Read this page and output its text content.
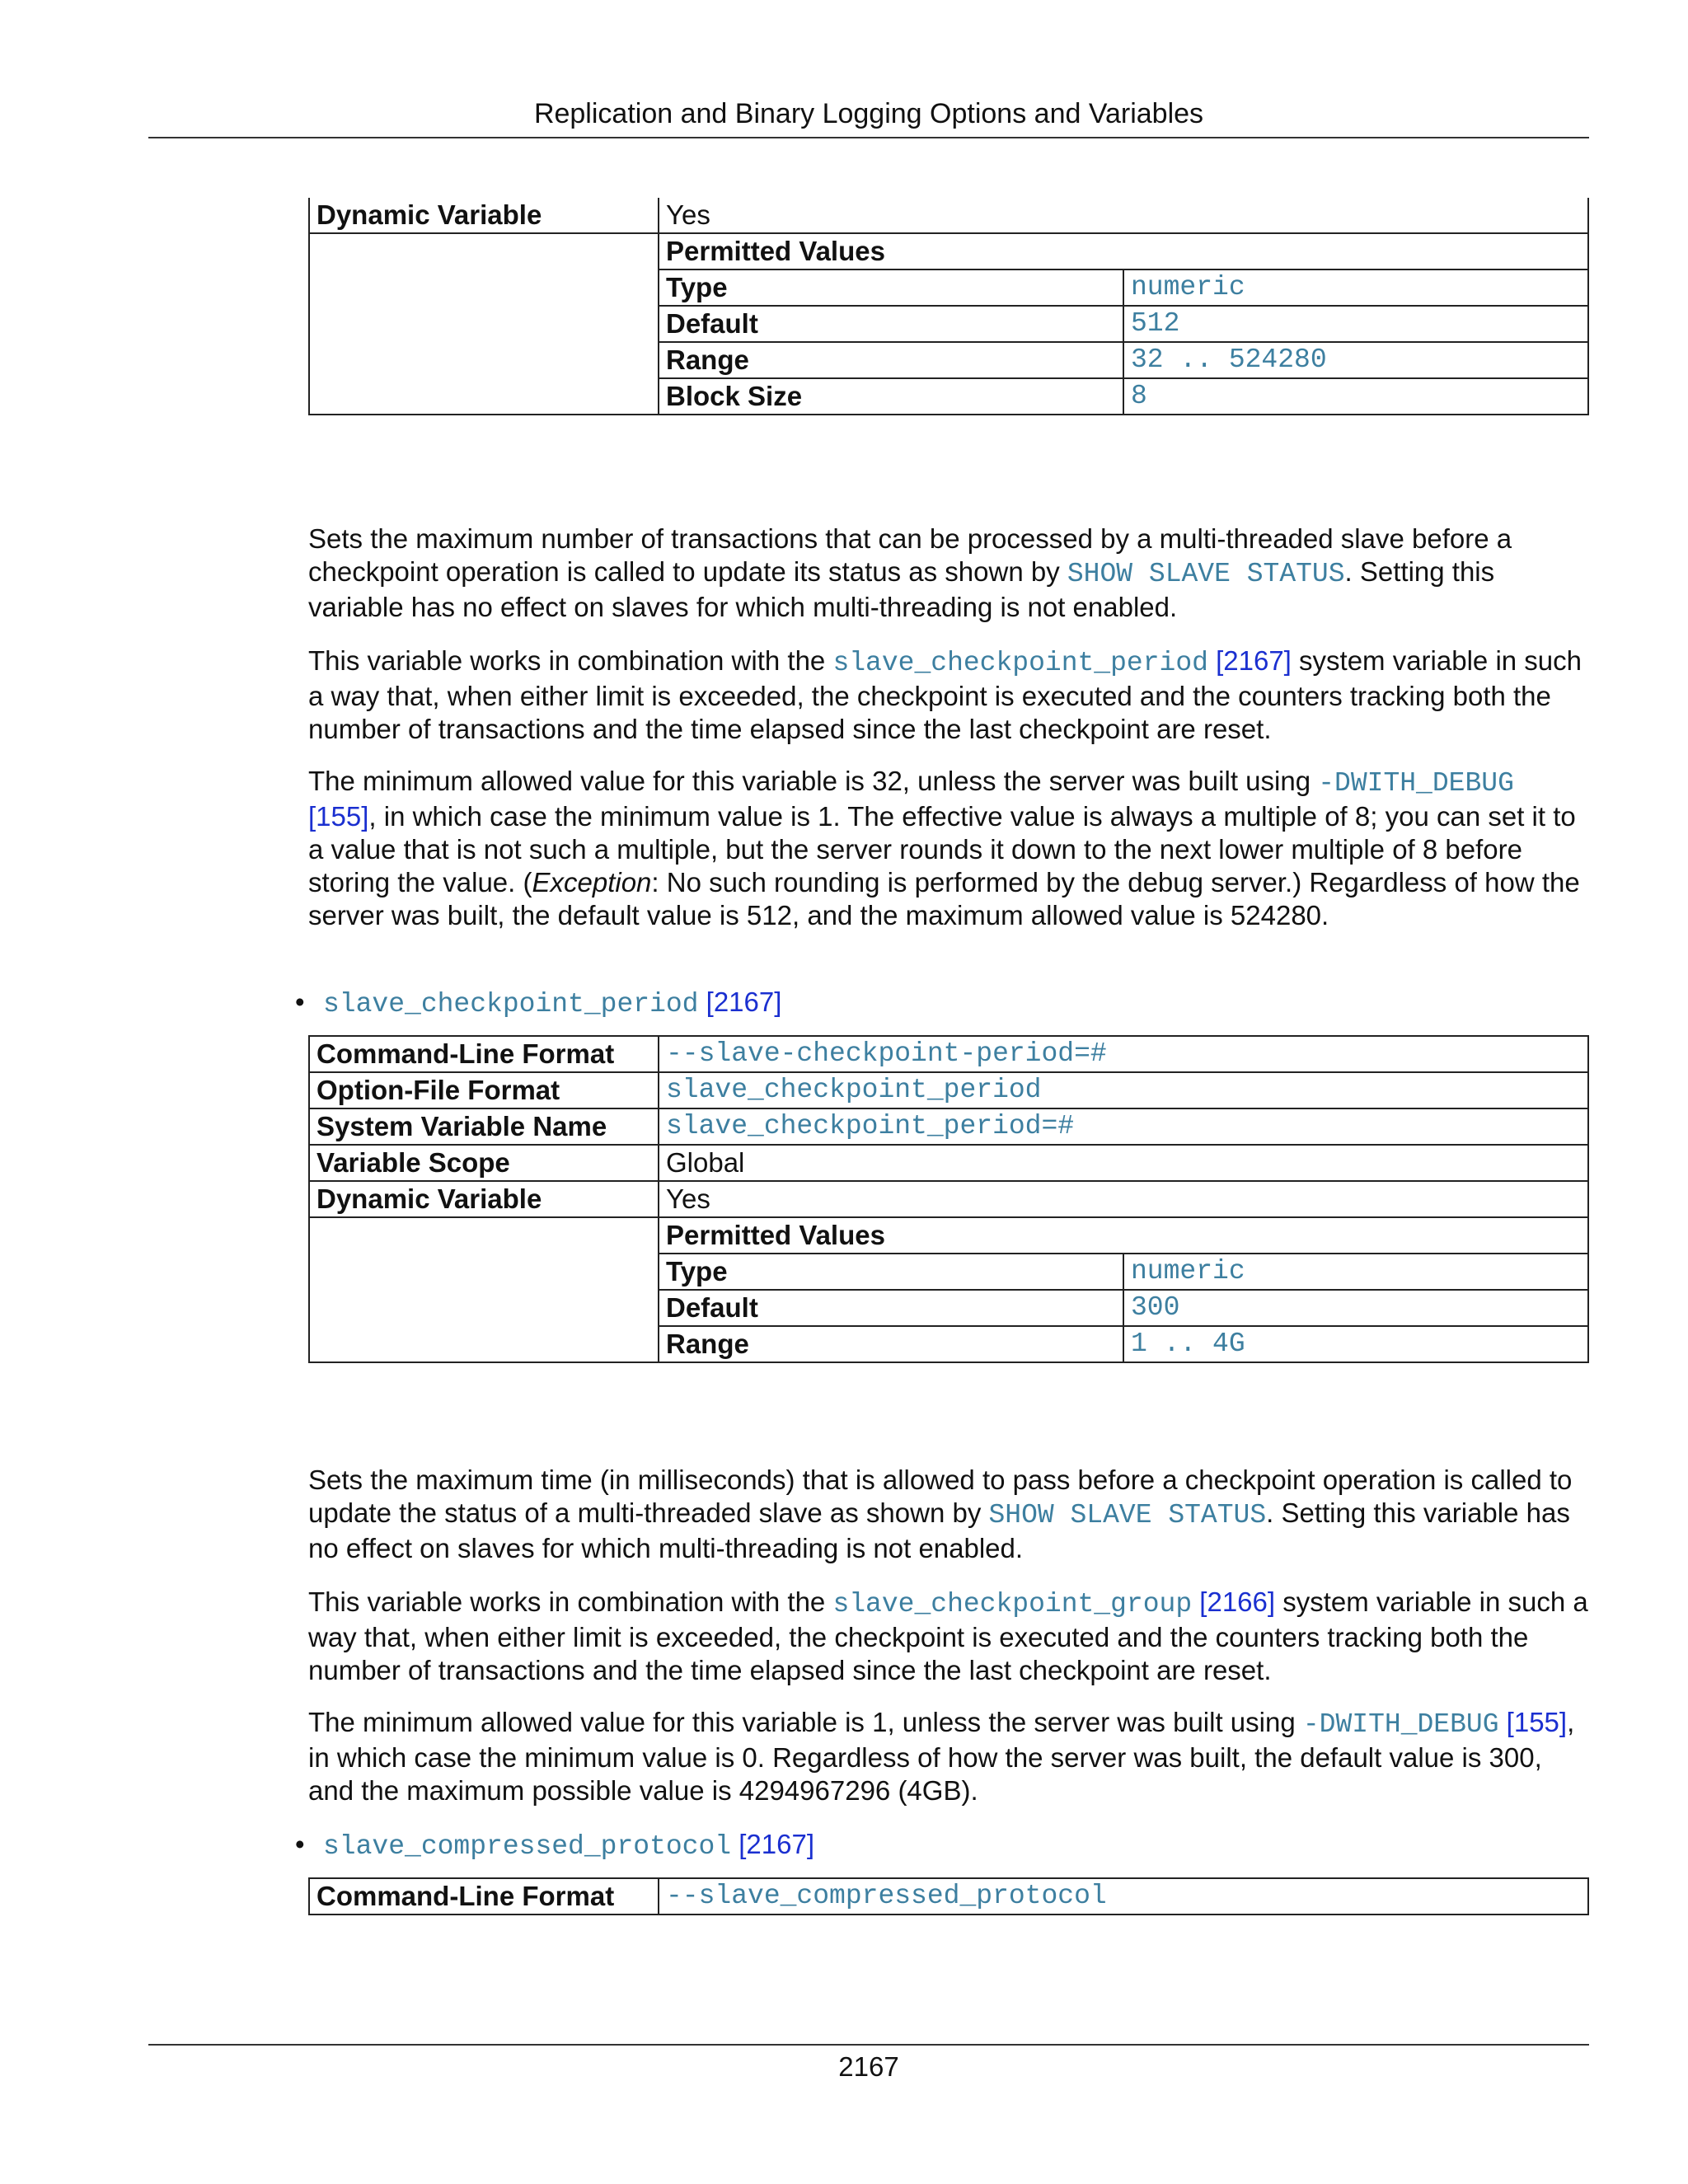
Replication and Binary Logging Options and Variables
Dynamic Variable	Yes

Permitted Values
Type	numeric
Default	512
Range	32 .. 524280
Block Size	8

Sets the maximum number of transactions that can be processed by a multi-threaded slave before a checkpoint operation is called to update its status as shown by SHOW SLAVE STATUS. Setting this variable has no effect on slaves for which multi-threading is not enabled.

This variable works in combination with the slave_checkpoint_period [2167] system variable in such a way that, when either limit is exceeded, the checkpoint is executed and the counters tracking both the number of transactions and the time elapsed since the last checkpoint are reset.

The minimum allowed value for this variable is 32, unless the server was built using -DWITH_DEBUG [155], in which case the minimum value is 1. The effective value is always a multiple of 8; you can set it to a value that is not such a multiple, but the server rounds it down to the next lower multiple of 8 before storing the value. (Exception: No such rounding is performed by the debug server.) Regardless of how the server was built, the default value is 512, and the maximum allowed value is 524280.

• slave_checkpoint_period [2167]
Command-Line Format	--slave-checkpoint-period=#
Option-File Format	slave_checkpoint_period
System Variable Name	slave_checkpoint_period=#
Variable Scope	Global
Dynamic Variable	Yes

Permitted Values
Type	numeric
Default	300
Range	1 .. 4G

Sets the maximum time (in milliseconds) that is allowed to pass before a checkpoint operation is called to update the status of a multi-threaded slave as shown by SHOW SLAVE STATUS. Setting this variable has no effect on slaves for which multi-threading is not enabled.

This variable works in combination with the slave_checkpoint_group [2166] system variable in such a way that, when either limit is exceeded, the checkpoint is executed and the counters tracking both the number of transactions and the time elapsed since the last checkpoint are reset.

The minimum allowed value for this variable is 1, unless the server was built using -DWITH_DEBUG [155], in which case the minimum value is 0. Regardless of how the server was built, the default value is 300, and the maximum possible value is 4294967296 (4GB).

• slave_compressed_protocol [2167]
Command-Line Format	--slave_compressed_protocol
2167
